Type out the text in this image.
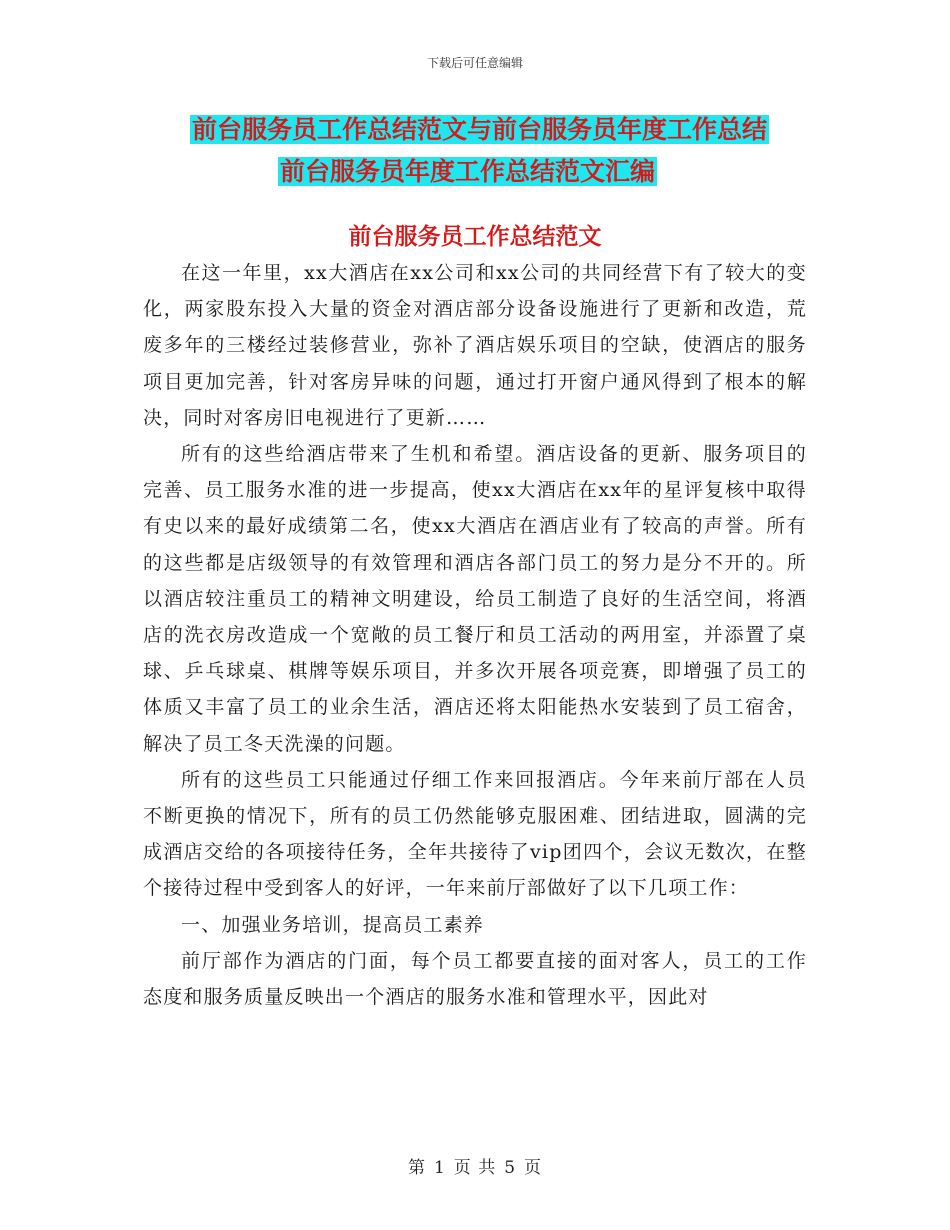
下载后可任意编辑
前台服务员工作总结范文与前台服务员年度工作总结
前台服务员年度工作总结范文汇编
前台服务员工作总结范文

在这一年里，xx大酒店在xx公司和xx公司的共同经营下有了较大的变化，两家股东投入大量的资金对酒店部分设备设施进行了更新和改造，荒废多年的三楼经过装修营业，弥补了酒店娱乐项目的空缺，使酒店的服务项目更加完善，针对客房异味的问题，通过打开窗户通风得到了根本的解决，同时对客房旧电视进行了更新……

所有的这些给酒店带来了生机和希望。酒店设备的更新、服务项目的完善、员工服务水准的进一步提高，使xx大酒店在xx年的星评复核中取得有史以来的最好成绩第二名，使xx大酒店在酒店业有了较高的声誉。所有的这些都是店级领导的有效管理和酒店各部门员工的努力是分不开的。所以酒店较注重员工的精神文明建设，给员工制造了良好的生活空间，将酒店的洗衣房改造成一个宽敞的员工餐厅和员工活动的两用室，并添置了桌球、乒乓球桌、棋牌等娱乐项目，并多次开展各项竞赛，即增强了员工的体质又丰富了员工的业余生活，酒店还将太阳能热水安装到了员工宿舍，解决了员工冬天洗澡的问题。

所有的这些员工只能通过仔细工作来回报酒店。今年来前厅部在人员不断更换的情况下，所有的员工仍然能够克服困难、团结进取，圆满的完成酒店交给的各项接待任务，全年共接待了vip团四个，会议无数次，在整个接待过程中受到客人的好评，一年来前厅部做好了以下几项工作：

一、加强业务培训，提高员工素养

前厅部作为酒店的门面，每个员工都要直接的面对客人，员工的工作态度和服务质量反映出一个酒店的服务水准和管理水平，因此对

第 1 页 共 5 页
